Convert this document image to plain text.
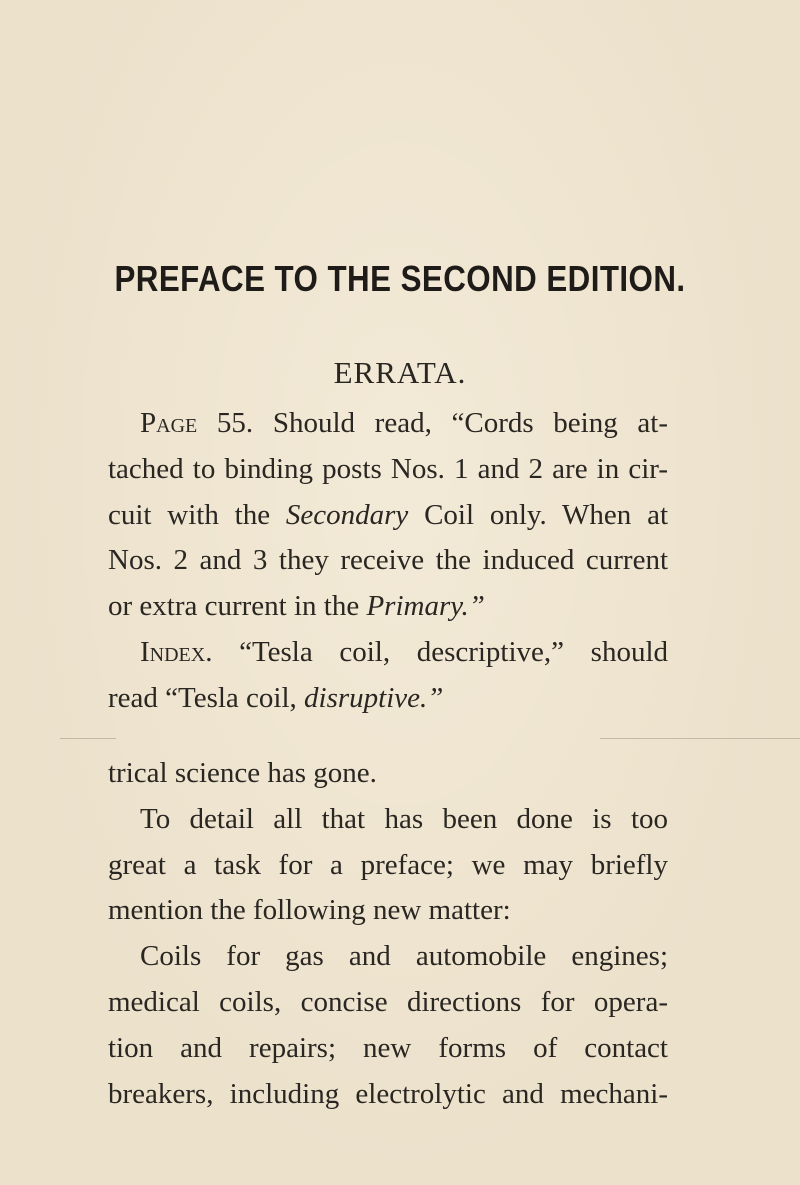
PREFACE TO THE SECOND EDITION.
ERRATA.
Page 55. Should read, “Cords being at-
tached to binding posts Nos. 1 and 2 are in cir-
cuit with the Secondary Coil only. When at
Nos. 2 and 3 they receive the induced current
or extra current in the Primary.”
Index. “Tesla coil, descriptive,” should
read “Tesla coil, disruptive.”
trical science has gone.
To detail all that has been done is too
great a task for a preface; we may briefly
mention the following new matter:
Coils for gas and automobile engines;
medical coils, concise directions for opera-
tion and repairs; new forms of contact
breakers, including electrolytic and mechani-
